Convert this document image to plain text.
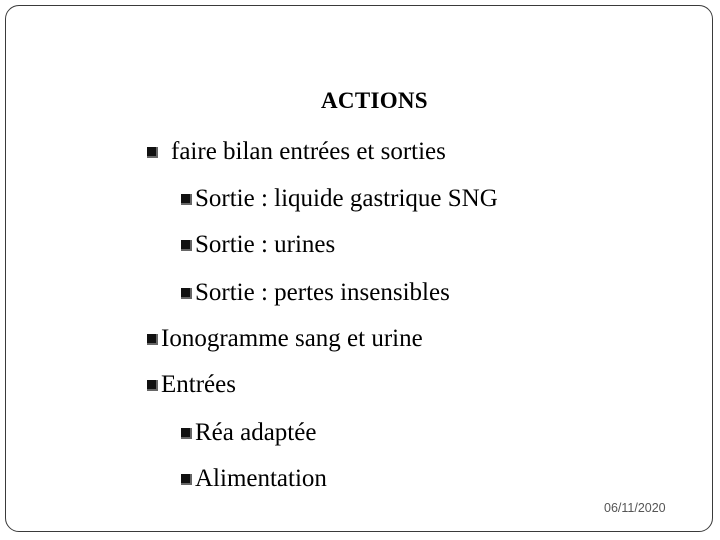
ACTIONS
faire bilan entrées et sorties
Sortie : liquide gastrique SNG
Sortie : urines
Sortie : pertes insensibles
Ionogramme sang et urine
Entrées
Réa adaptée
Alimentation
06/11/2020
